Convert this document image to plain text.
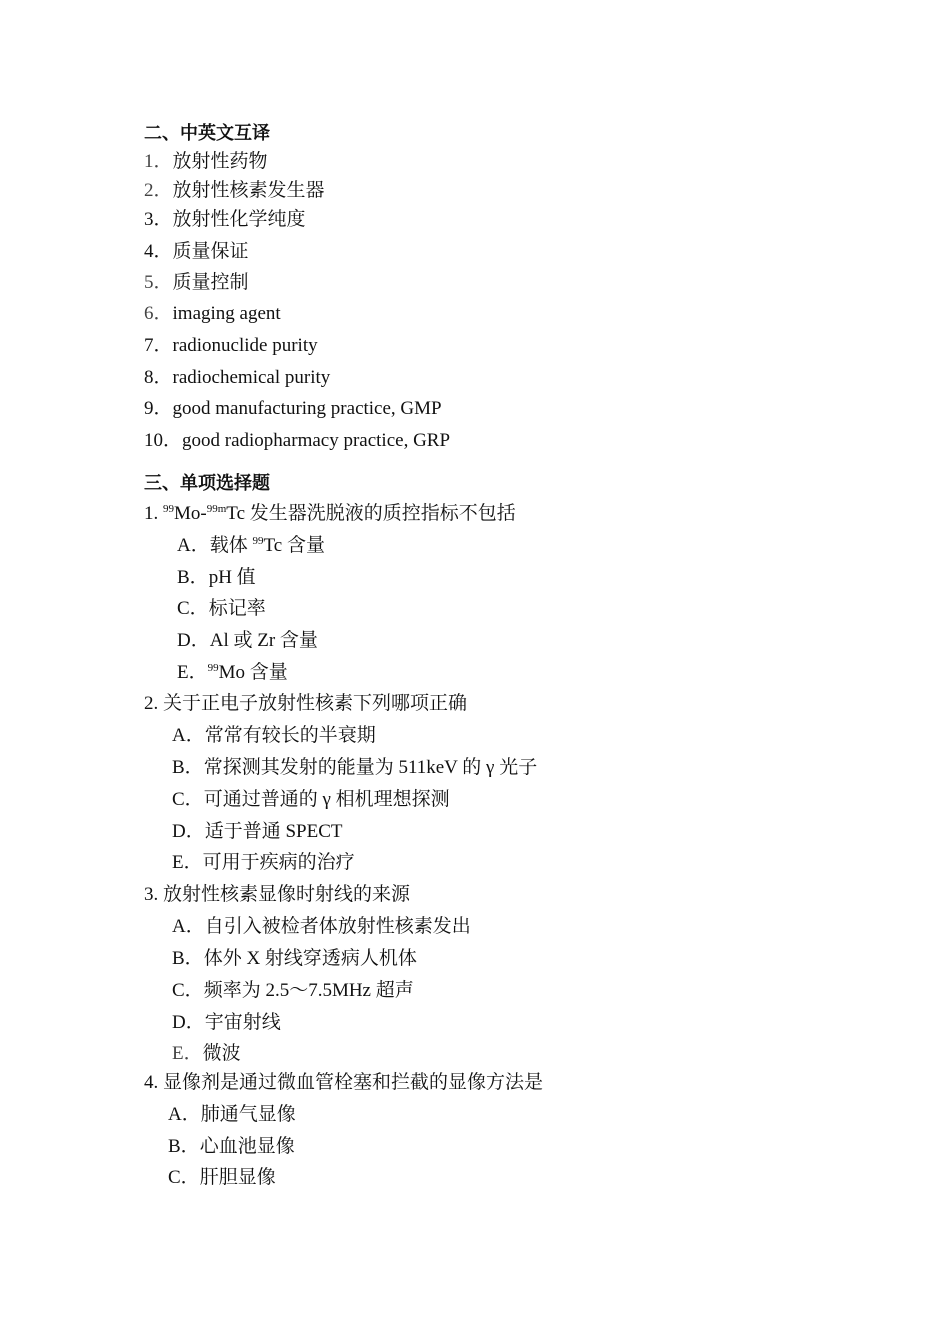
二、中英文互译
1．放射性药物
2．放射性核素发生器
3．放射性化学纯度
4．质量保证
5．质量控制
6．imaging agent
7．radionuclide purity
8．radiochemical purity
9．good manufacturing practice, GMP
10．good radiopharmacy practice, GRP
三、单项选择题
1. $^{99}$Mo-$^{99m}$Tc 发生器洗脱液的质控指标不包括
A．载体 $^{99}$Tc 含量
B．pH 值
C．标记率
D．Al 或 Zr 含量
E．$^{99}$Mo 含量
2. 关于正电子放射性核素下列哪项正确
A．常常有较长的半衰期
B．常探测其发射的能量为 511keV 的 γ 光子
C．可通过普通的 γ 相机理想探测
D．适于普通 SPECT
E．可用于疾病的治疗
3. 放射性核素显像时射线的来源
A．自引入被检者体放射性核素发出
B．体外 X 射线穿透病人机体
C．频率为 2.5～7.5MHz 超声
D．宇宙射线
E．微波
4. 显像剂是通过微血管栓塞和拦截的显像方法是
A．肺通气显像
B．心血池显像
C．肝胆显像
